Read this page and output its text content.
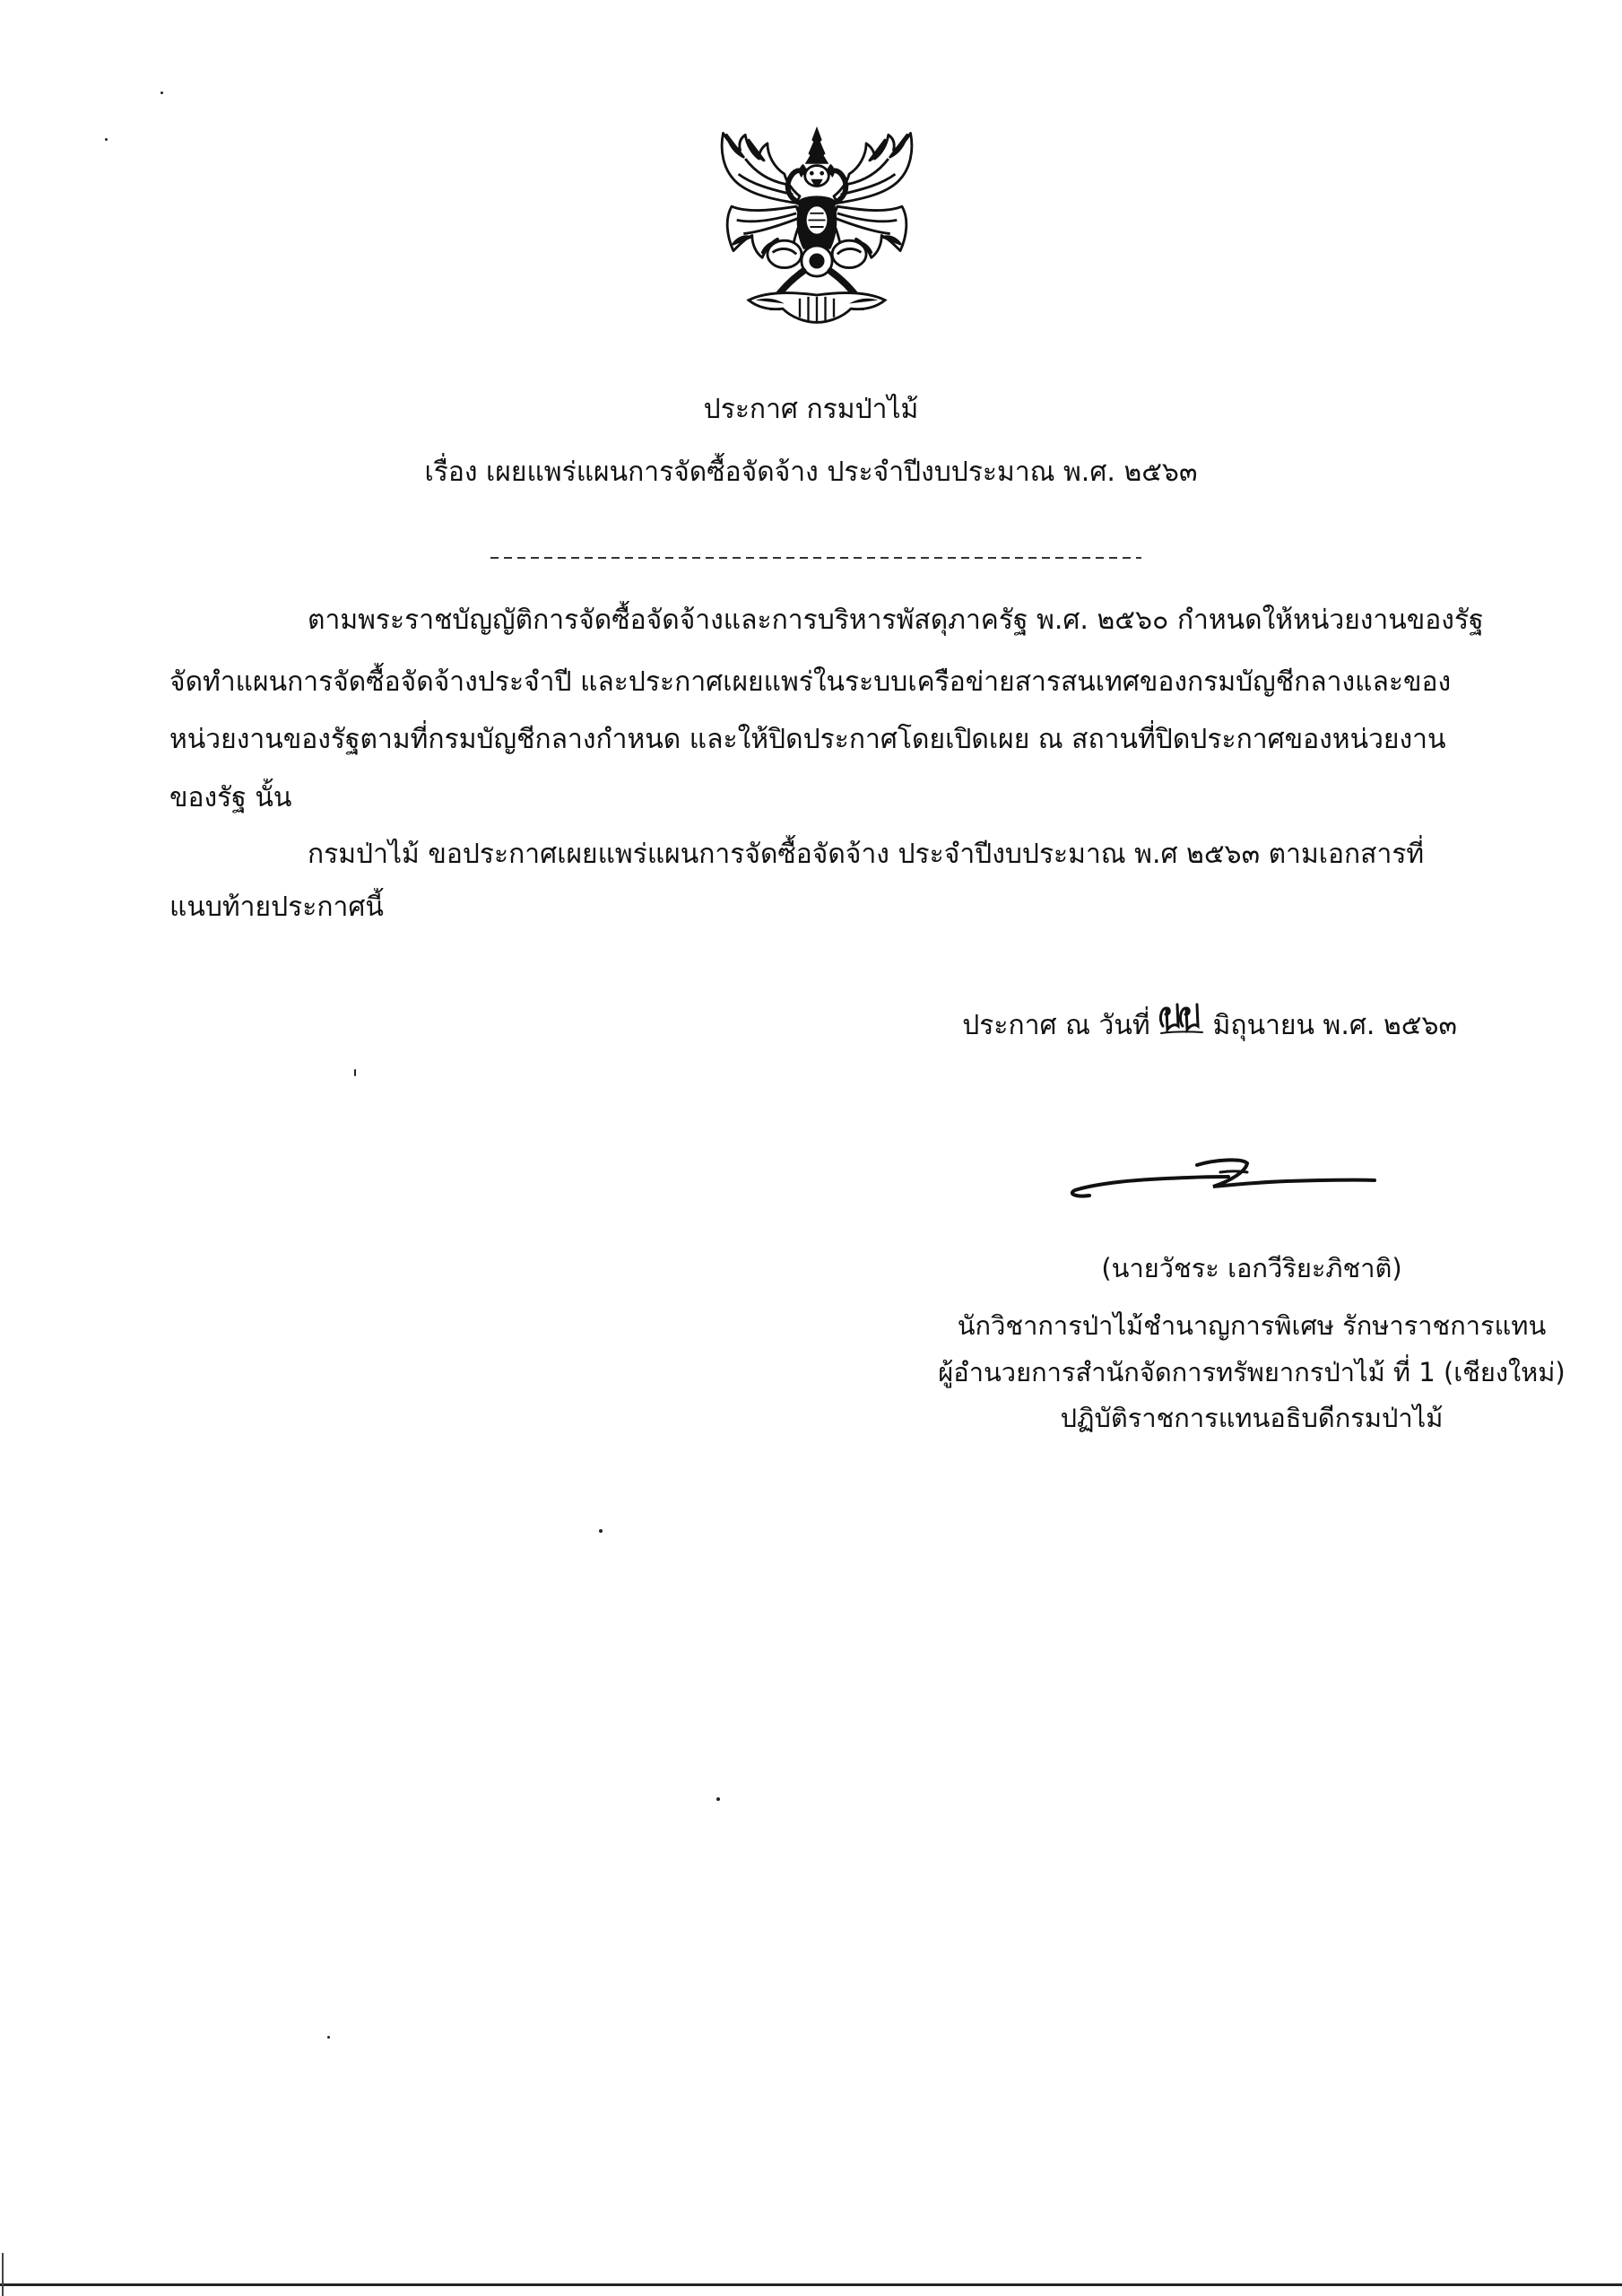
ประกาศ กรมป่าไม้
เรื่อง เผยแพร่แผนการจัดซื้อจัดจ้าง ประจำปีงบประมาณ พ.ศ. ๒๕๖๓
ตามพระราชบัญญัติการจัดซื้อจัดจ้างและการบริหารพัสดุภาครัฐ พ.ศ. ๒๕๖๐ กำหนดให้หน่วยงานของรัฐ
จัดทำแผนการจัดซื้อจัดจ้างประจำปี และประกาศเผยแพร่ในระบบเครือข่ายสารสนเทศของกรมบัญชีกลางและของ
หน่วยงานของรัฐตามที่กรมบัญชีกลางกำหนด และให้ปิดประกาศโดยเปิดเผย ณ สถานที่ปิดประกาศของหน่วยงาน
ของรัฐ นั้น
กรมป่าไม้ ขอประกาศเผยแพร่แผนการจัดซื้อจัดจ้าง ประจำปีงบประมาณ พ.ศ ๒๕๖๓ ตามเอกสารที่
แนบท้ายประกาศนี้
ประกาศ ณ วันที่ มิถุนายน พ.ศ. ๒๕๖๓
(นายวัชระ เอกวีริยะภิชาติ)
นักวิชาการป่าไม้ชำนาญการพิเศษ รักษาราชการแทน
ผู้อำนวยการสำนักจัดการทรัพยากรป่าไม้ ที่ 1 (เชียงใหม่)
ปฏิบัติราชการแทนอธิบดีกรมป่าไม้
